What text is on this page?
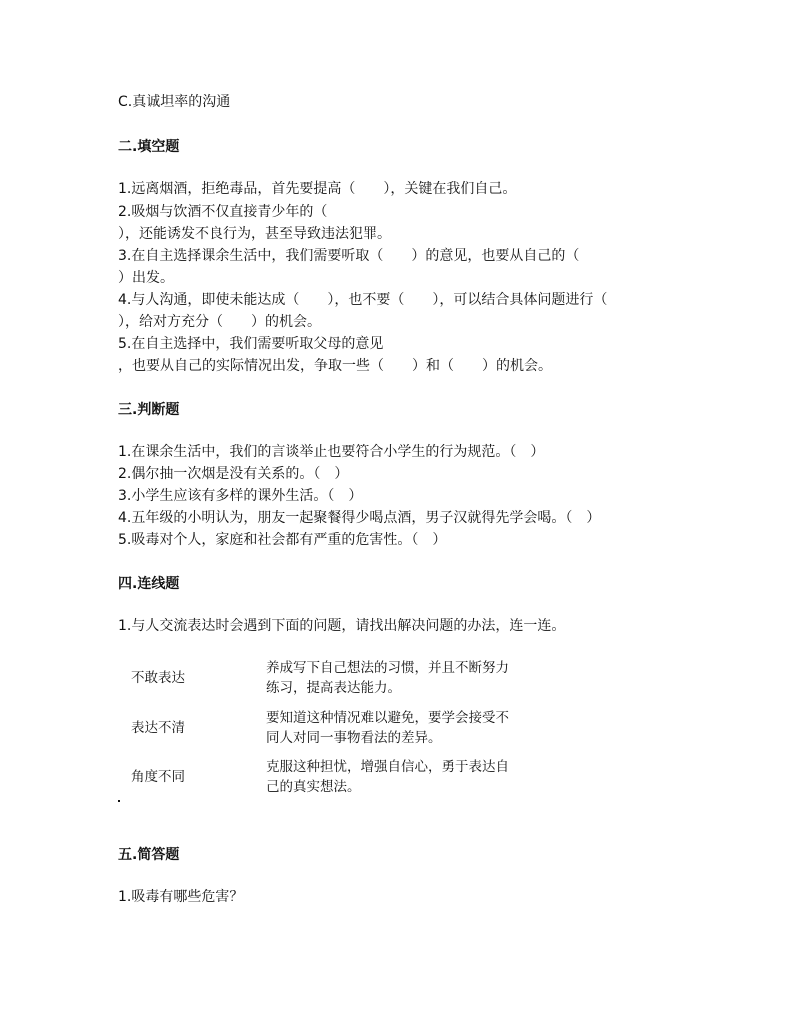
C.真诚坦率的沟通
二.填空题
1.远离烟酒，拒绝毒品，首先要提高（　　），关键在我们自己。
2.吸烟与饮酒不仅直接青少年的（
），还能诱发不良行为，甚至导致违法犯罪。
3.在自主选择课余生活中，我们需要听取（　　）的意见，也要从自己的（
）出发。
4.与人沟通，即使未能达成（　　），也不要（　　），可以结合具体问题进行（
），给对方充分（　　）的机会。
5.在自主选择中，我们需要听取父母的意见
，也要从自己的实际情况出发，争取一些（　　）和（　　）的机会。
三.判断题
1.在课余生活中，我们的言谈举止也要符合小学生的行为规范。（　）
2.偶尔抽一次烟是没有关系的。（　）
3.小学生应该有多样的课外生活。（　）
4.五年级的小明认为，朋友一起聚餐得少喝点酒，男子汉就得先学会喝。（　）
5.吸毒对个人，家庭和社会都有严重的危害性。（　）
四.连线题
1.与人交流表达时会遇到下面的问题，请找出解决问题的办法，连一连。
不敢表达
养成写下自己想法的习惯，并且不断努力
练习，提高表达能力。
表达不清
要知道这种情况难以避免，要学会接受不
同人对同一事物看法的差异。
角度不同
克服这种担忧，增强自信心，勇于表达自
己的真实想法。
五.简答题
1.吸毒有哪些危害？
